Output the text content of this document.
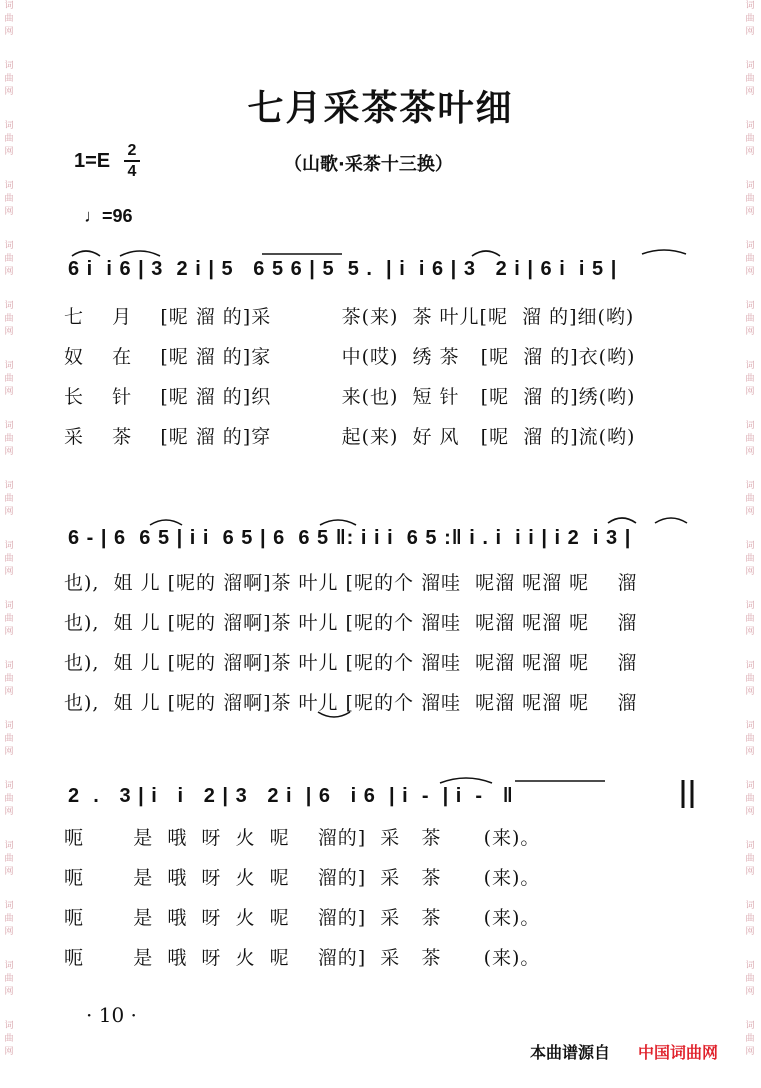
词
曲
网
词
曲
网
词
曲
网
词
曲
网
词
曲
网
词
曲
网
词
曲
网
词
曲
网
词
曲
网
词
曲
网
词
曲
网
词
曲
网
词
曲
网
词
曲
网
词
曲
网
词
曲
网
词
曲
网
词
曲
网
词
曲
网
词
曲
网
词
曲
网
词
曲
网
词
曲
网
词
曲
网
词
曲
网
词
曲
网
词
曲
网
词
曲
网
词
曲
网
词
曲
网
词
曲
网
词
曲
网
词
曲
网
词
曲
网
词
曲
网
词
曲
网
七月采茶茶叶细
1=E 2
4	（山歌·采茶十三换）
♩=96
6 i  i 6 | 3  2 i | 5   6 5 6 | 5  5 .  | i  i 6 | 3   2 i | 6 i  i 5 |
七    月    [呢 溜 的]采          茶(来)  茶 叶儿[呢  溜 的]细(哟)
奴    在    [呢 溜 的]家          中(哎)  绣 茶   [呢  溜 的]衣(哟)
长    针    [呢 溜 的]织          来(也)  短 针   [呢  溜 的]绣(哟)
采    茶    [呢 溜 的]穿          起(来)  好 风   [呢  溜 的]流(哟)
6 - | 6  6 5 | i i  6 5 | 6  6 5 ‖: i i i  6 5 :‖ i . i  i i | i 2  i 3 |
也),  姐 儿 [呢的 溜啊]茶 叶儿 [呢的个 溜哇  呢溜 呢溜 呢    溜
也),  姐 儿 [呢的 溜啊]茶 叶儿 [呢的个 溜哇  呢溜 呢溜 呢    溜
也),  姐 儿 [呢的 溜啊]茶 叶儿 [呢的个 溜哇  呢溜 呢溜 呢    溜
也),  姐 儿 [呢的 溜啊]茶 叶儿 [呢的个 溜哇  呢溜 呢溜 呢    溜
2  .   3 | i   i   2 | 3   2 i  | 6   i 6  | i  -  | i  -   ‖
呃       是  哦  呀  火  呢    溜的]  采   茶      (来)。
呃       是  哦  呀  火  呢    溜的]  采   茶      (来)。
呃       是  哦  呀  火  呢    溜的]  采   茶      (来)。
呃       是  哦  呀  火  呢    溜的]  采   茶      (来)。
· 10 ·
本曲谱源自 中国词曲网
